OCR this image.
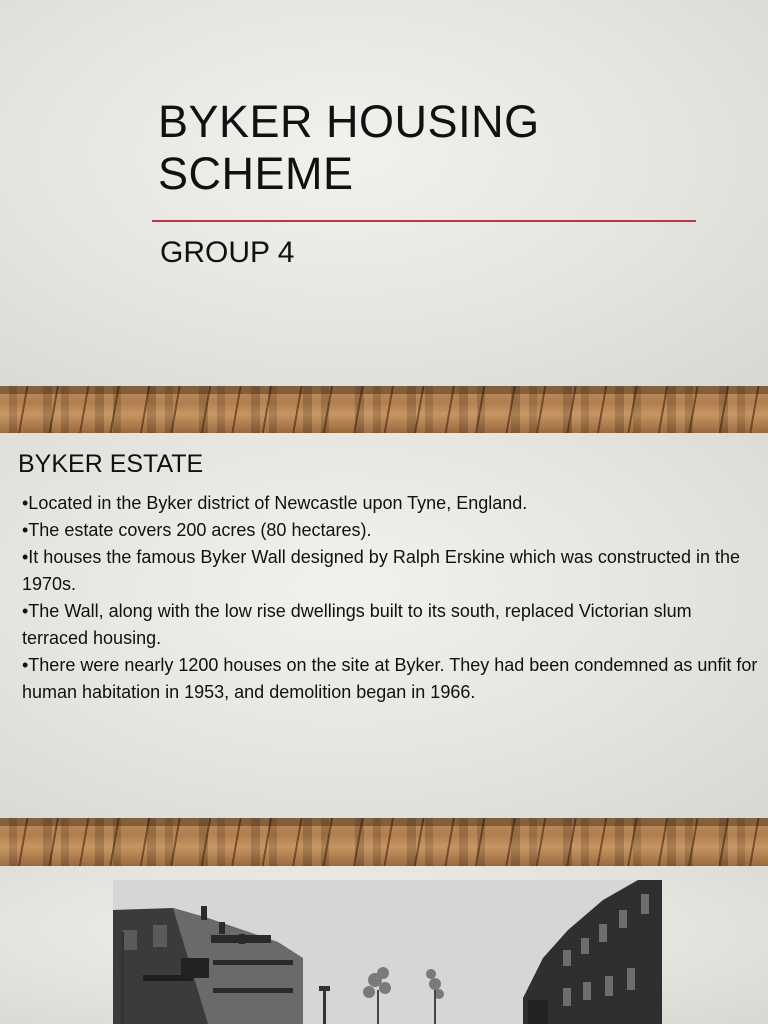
BYKER HOUSING
SCHEME
GROUP 4
BYKER ESTATE
•Located in the Byker district of Newcastle upon Tyne, England.
•The estate covers 200 acres (80 hectares).
•It houses the famous Byker Wall designed by Ralph Erskine which was constructed in the 1970s.
•The Wall, along with the low rise dwellings built to its south, replaced Victorian slum terraced housing.
•There were nearly 1200 houses on the site at Byker. They had been condemned as unfit for human habitation in 1953, and demolition began in 1966.
